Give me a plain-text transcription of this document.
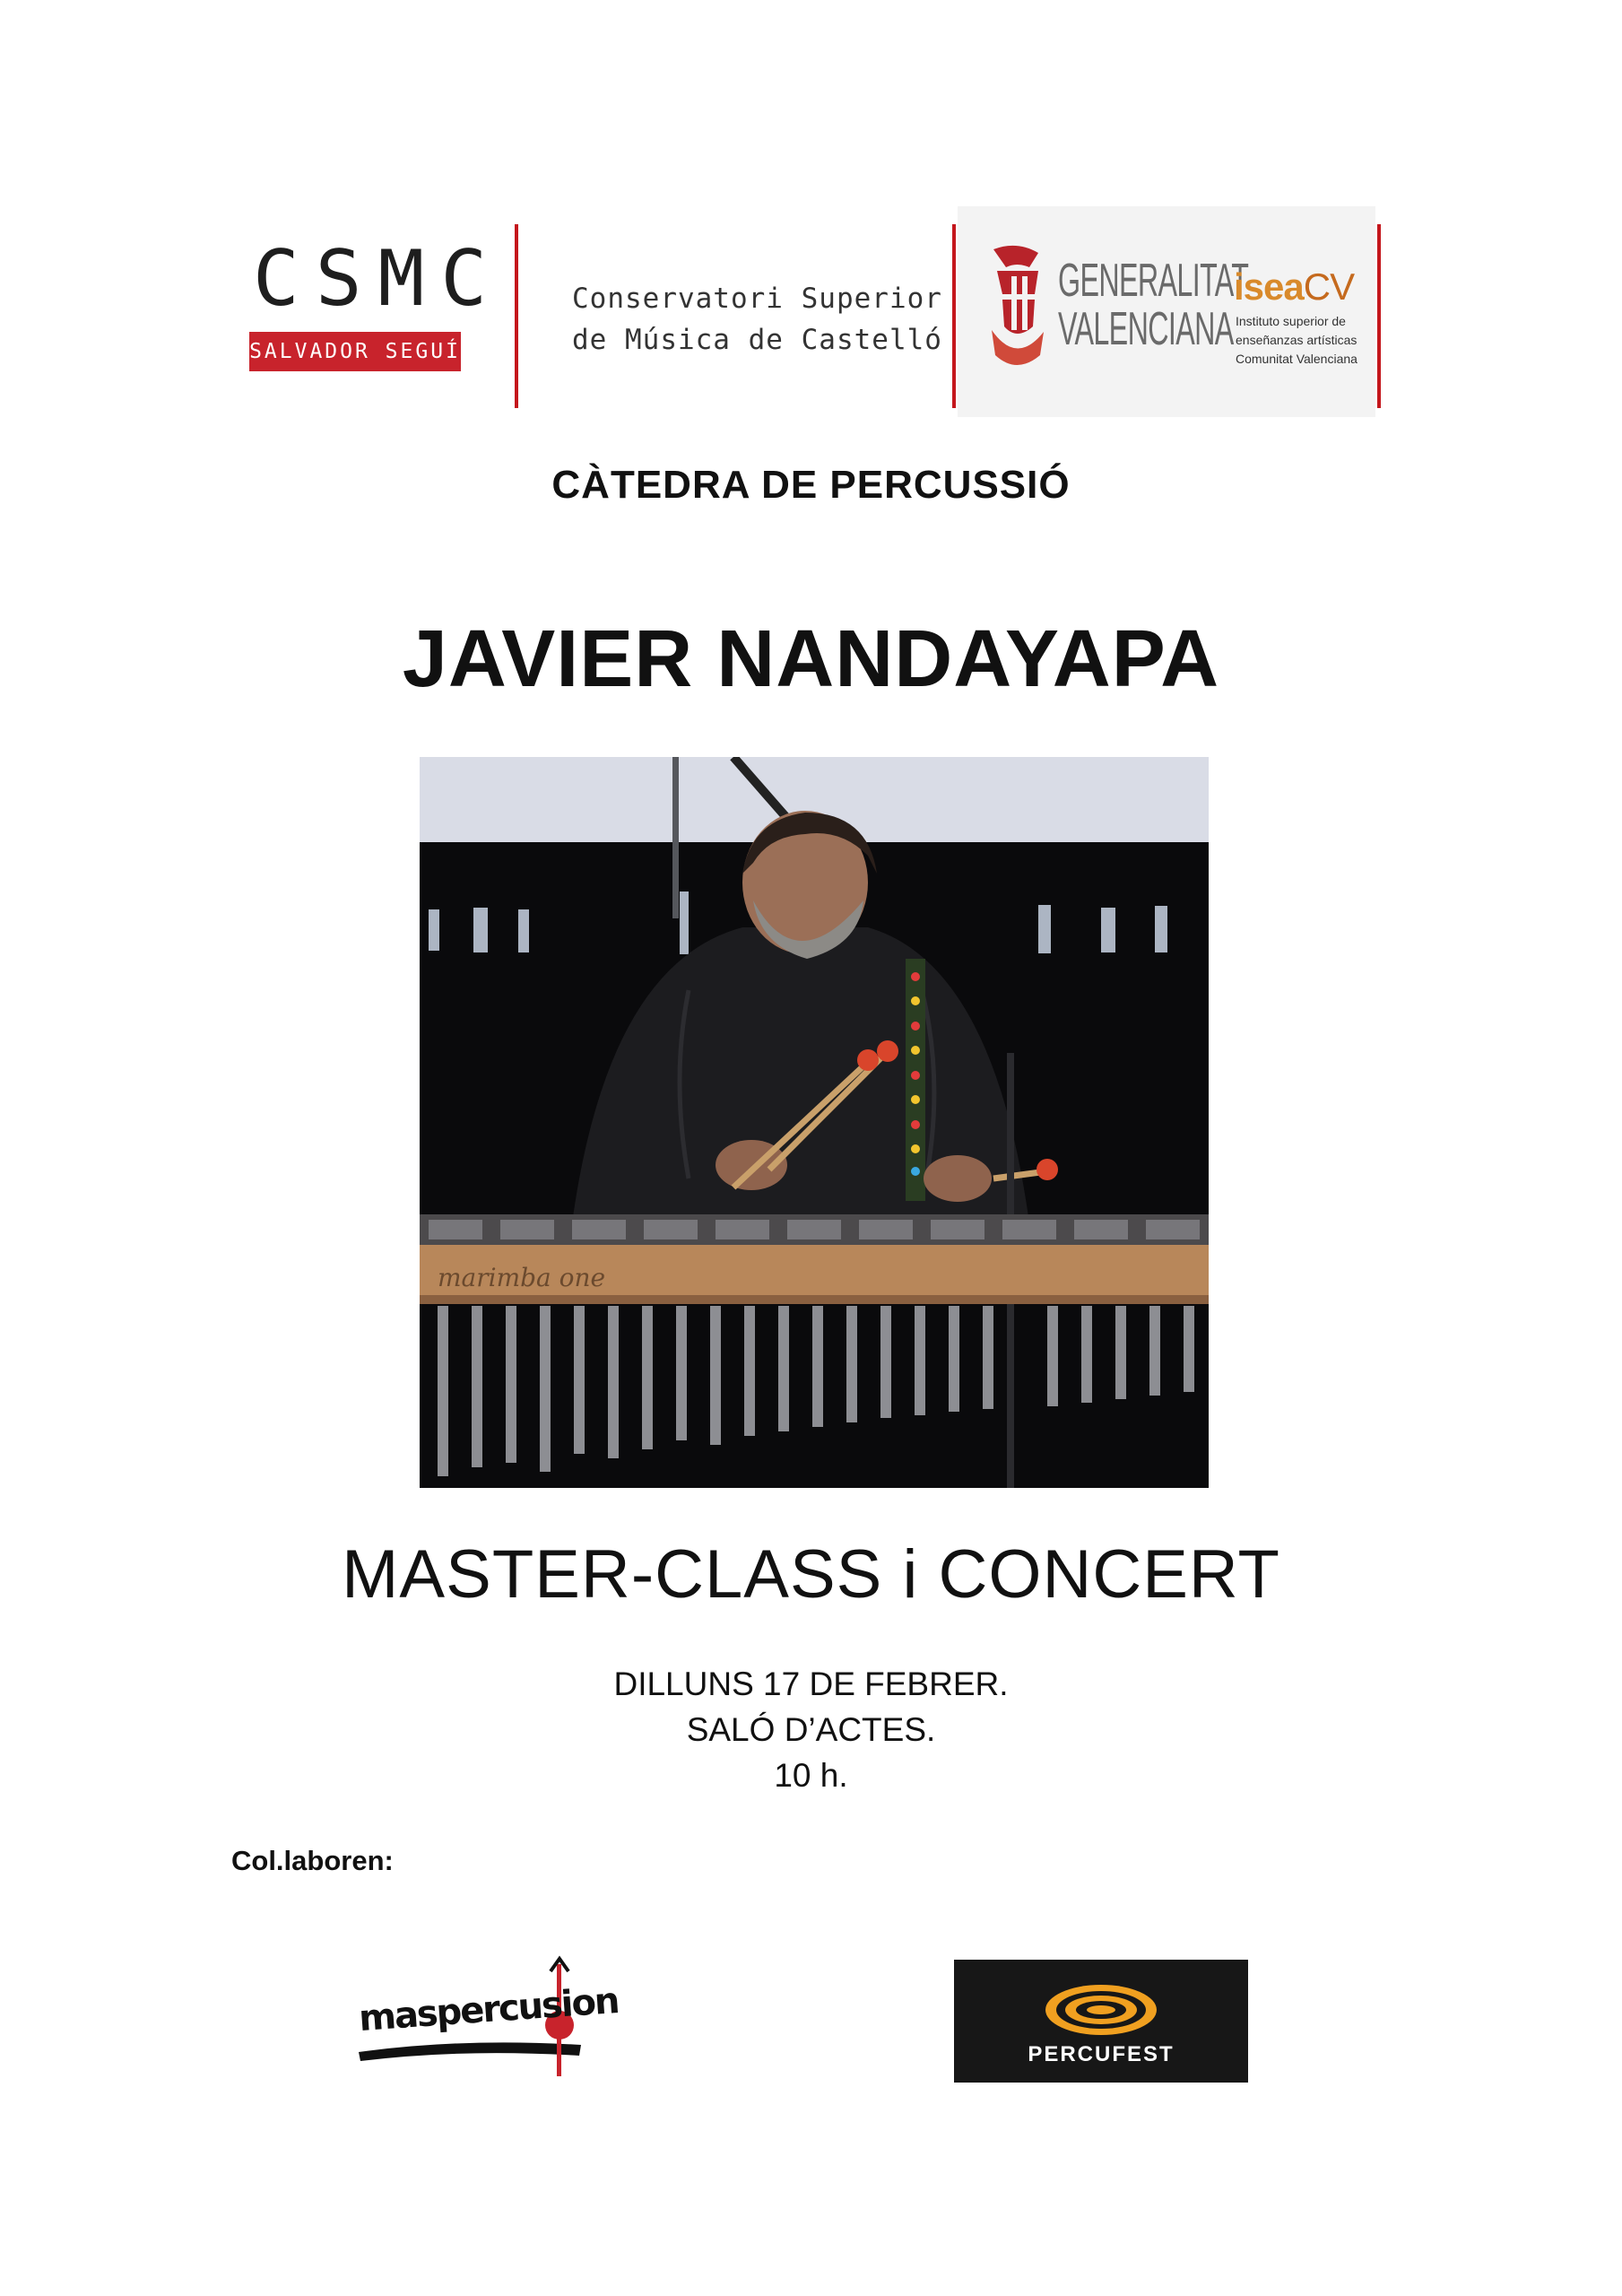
CSMC
SALVADOR SEGUÍ
Conservatori Superior
de Música de Castelló
GENERALITAT
VALENCIANA
iseaCV
Instituto superior de
enseñanzas artísticas
Comunitat Valenciana
CÀTEDRA DE PERCUSSIÓ
JAVIER NANDAYAPA
marimba one
MASTER-CLASS i CONCERT
DILLUNS 17 DE FEBRER.
SALÓ D’ACTES.
10 h.
Col.laboren:
maspercusion
PERCUFEST
